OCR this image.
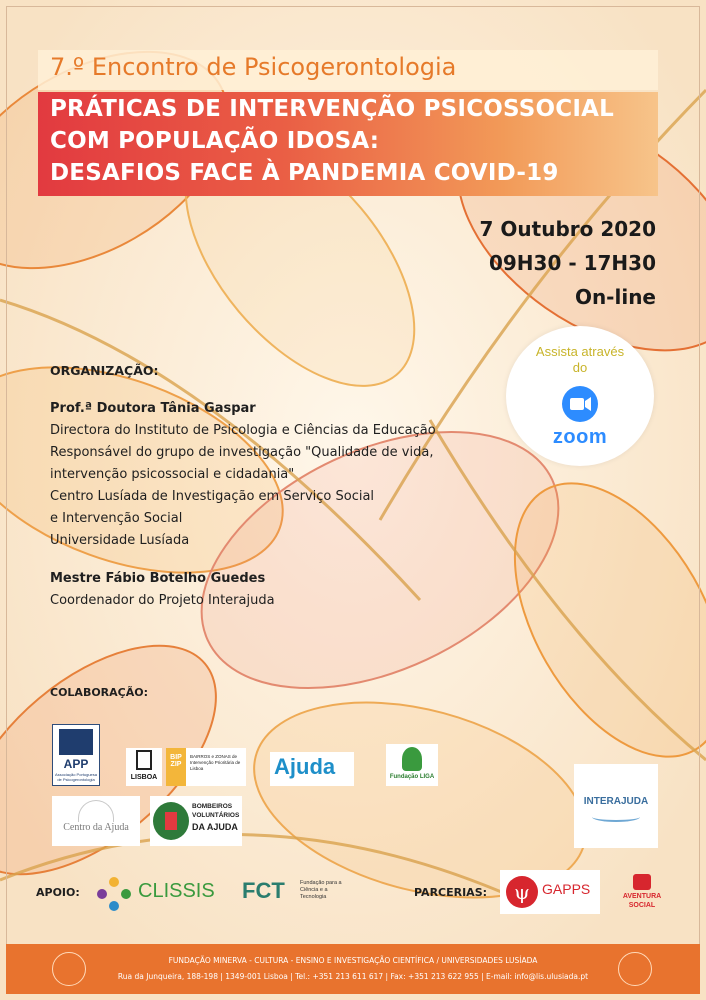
7.º Encontro de Psicogerontologia
PRÁTICAS DE INTERVENÇÃO PSICOSSOCIAL
COM POPULAÇÃO IDOSA:
DESAFIOS FACE À PANDEMIA COVID-19
7 Outubro 2020
09H30 - 17H30
On-line
Assista através
do
zoom
ORGANIZAÇÃO:
Prof.ª Doutora Tânia Gaspar
Directora do Instituto de Psicologia e Ciências da Educação
Responsável do grupo de investigação "Qualidade de vida,
intervenção psicossocial e cidadania"
Centro Lusíada de Investigação em Serviço Social
e Intervenção Social
Universidade Lusíada
Mestre Fábio Botelho Guedes
Coordenador do Projeto Interajuda
COLABORAÇÃO:
APP
Associação Portuguesa de Psicogerontologia	LISBOA
BIP ZIP
BAIRROS e ZONAS de Intervenção Prioritária de Lisboa	Ajuda	Fundação LIGA
INTERAJUDA
Centro da Ajuda
BOMBEIROS
VOLUNTÁRIOS
DA AJUDA
APOIO:	CLISSIS FCT	Fundação para a Ciência e a Tecnologia	PARCERIAS:	ψ GAPPS	AVENTURA
SOCIAL
FUNDAÇÃO MINERVA - CULTURA - ENSINO E INVESTIGAÇÃO CIENTÍFICA / UNIVERSIDADES LUSÍADA
Rua da Junqueira, 188-198 | 1349-001 Lisboa | Tel.: +351 213 611 617 | Fax: +351 213 622 955 | E-mail: info@lis.ulusiada.pt
